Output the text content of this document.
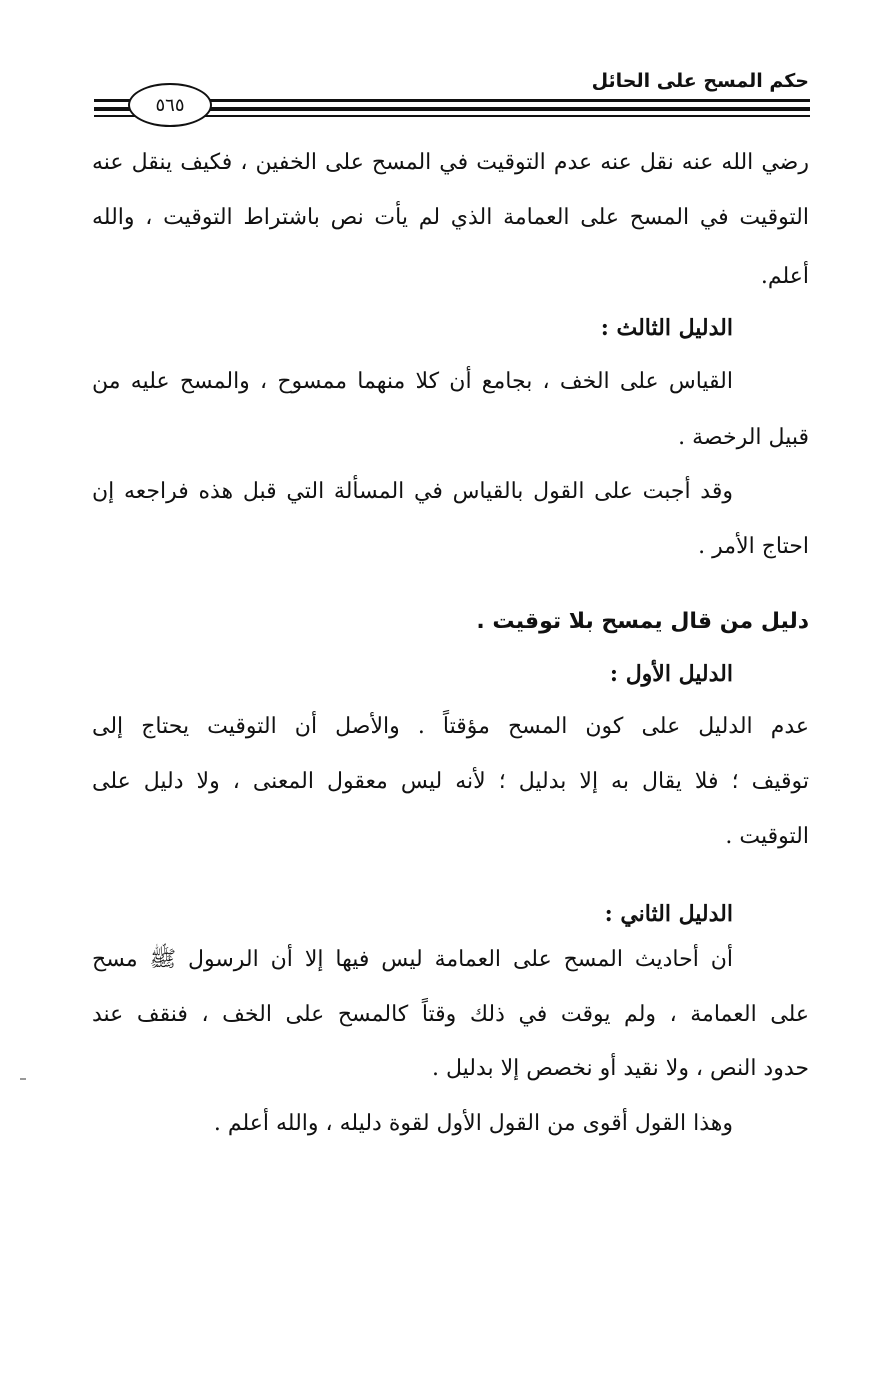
حكم المسح على الحائل
٥٦٥
رضي الله عنه نقل عنه عدم التوقيت في المسح على الخفين ، فكيف ينقل عنه
التوقيت في المسح على العمامة الذي لم يأت نص باشتراط التوقيت ، والله
أعلم.
الدليل الثالث :
القياس على الخف ، بجامع أن كلا منهما ممسوح ، والمسح عليه من
قبيل الرخصة .
وقد أجبت على القول بالقياس في المسألة التي قبل هذه فراجعه إن
احتاج الأمر .
دليل من قال يمسح بلا توقيت .
الدليل الأول :
عدم الدليل على كون المسح مؤقتاً . والأصل أن التوقيت يحتاج إلى
توقيف ؛ فلا يقال به إلا بدليل ؛ لأنه ليس معقول المعنى ، ولا دليل على
التوقيت .
الدليل الثاني :
أن أحاديث المسح على العمامة ليس فيها إلا أن الرسول ﷺ مسح
على العمامة ، ولم يوقت في ذلك وقتاً كالمسح على الخف ، فنقف عند
حدود النص ، ولا نقيد أو نخصص إلا بدليل .
وهذا القول أقوى من القول الأول لقوة دليله ، والله أعلم .
